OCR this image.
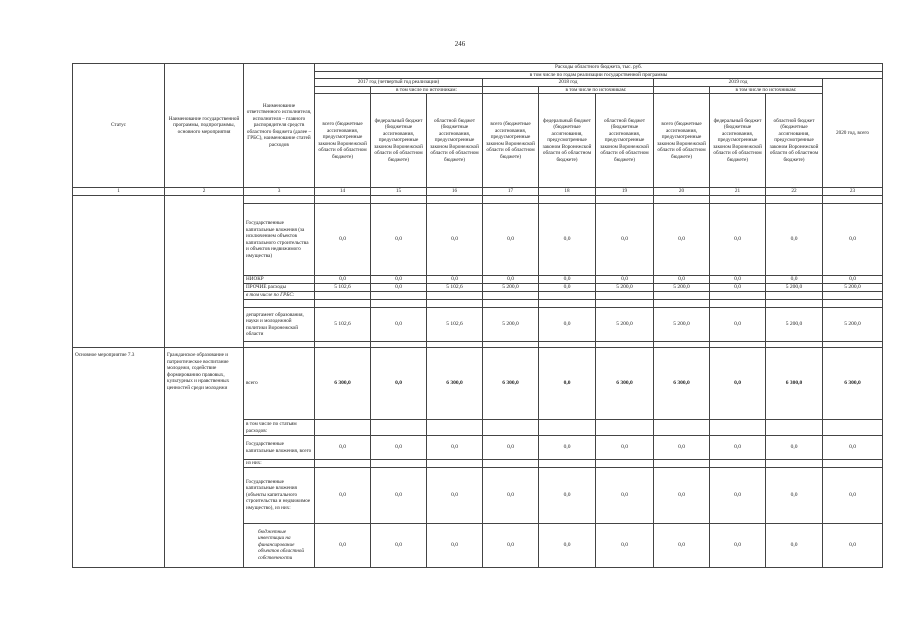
246
Статус	Наименование государственной программы, подпрограммы, основного мероприятия	Наименование ответственного исполнителя, исполнителя – главного распорядителя средств областного бюджета (далее – ГРБС), наименование статей расходов	Расходы областного бюджета, тыс. руб.									
			в том числе по годам реализации государственной программы									
			2017 год (четвертый год реализации)			2018 год			2019 год			2020 год, всего
				в том числе по источникам:			в том числе по источникам:			в том числе по источникам:		
			всего (бюджетные ассигнования, предусмотренные законом Воронежской области об областном бюджете)	федеральный бюджет (бюджетные ассигнования, предусмотренные законом Воронежской области об областном бюджете)	областной бюджет (бюджетные ассигнования, предусмотренные законом Воронежской области об областном бюджете)	всего (бюджетные ассигнования, предусмотренные законом Воронежской области об областном бюджете)	федеральный бюджет (бюджетные ассигнования, предусмотренные законом Воронежской области об областном бюджете)	областной бюджет (бюджетные ассигнования, предусмотренные законом Воронежской области об областном бюджете)	всего (бюджетные ассигнования, предусмотренные законом Воронежской области об областном бюджете)	федеральный бюджет (бюджетные ассигнования, предусмотренные законом Воронежской области об областном бюджете)	областной бюджет (бюджетные ассигнования, предусмотренные законом Воронежской области об областном бюджете)	
1	2	3	14	15	16	17	18	19	20	21	22	23

		Государственные капитальные вложения (за исключением объектов капитального строительства и объектов недвижимого имущества)	0,0	0,0	0,0	0,0	0,0	0,0	0,0	0,0	0,0	0,0
		НИОКР	0,0	0,0	0,0	0,0	0,0	0,0	0,0	0,0	0,0	0,0
		ПРОЧИЕ расходы	5 102,6	0,0	5 102,6	5 200,0	0,0	5 200,0	5 200,0	0,0	5 200,0	5 200,0
		в том числе по ГРБС:										

		департамент образования, науки и молодежной политики Воронежской области	5 102,6	0,0	5 102,6	5 200,0	0,0	5 200,0	5 200,0	0,0	5 200,0	5 200,0

Основное мероприятие 7.3	Гражданское образование и патриотическое воспитание молодежи, содействие формированию правовых, культурных и нравственных ценностей среди молодежи	всего	6 300,0	0,0	6 300,0	6 300,0	0,0	6 300,0	6 300,0	0,0	6 300,0	6 300,0
		в том числе по статьям расходов:										
		Государственные капитальные вложения, всего	0,0	0,0	0,0	0,0	0,0	0,0	0,0	0,0	0,0	0,0
		из них:										
		Государственные капитальные вложения (объекты капитального строительства и недвижимое имущество), из них:	0,0	0,0	0,0	0,0	0,0	0,0	0,0	0,0	0,0	0,0
		бюджетные инвестиции на финансирование объектов областной собственности	0,0	0,0	0,0	0,0	0,0	0,0	0,0	0,0	0,0	0,0
